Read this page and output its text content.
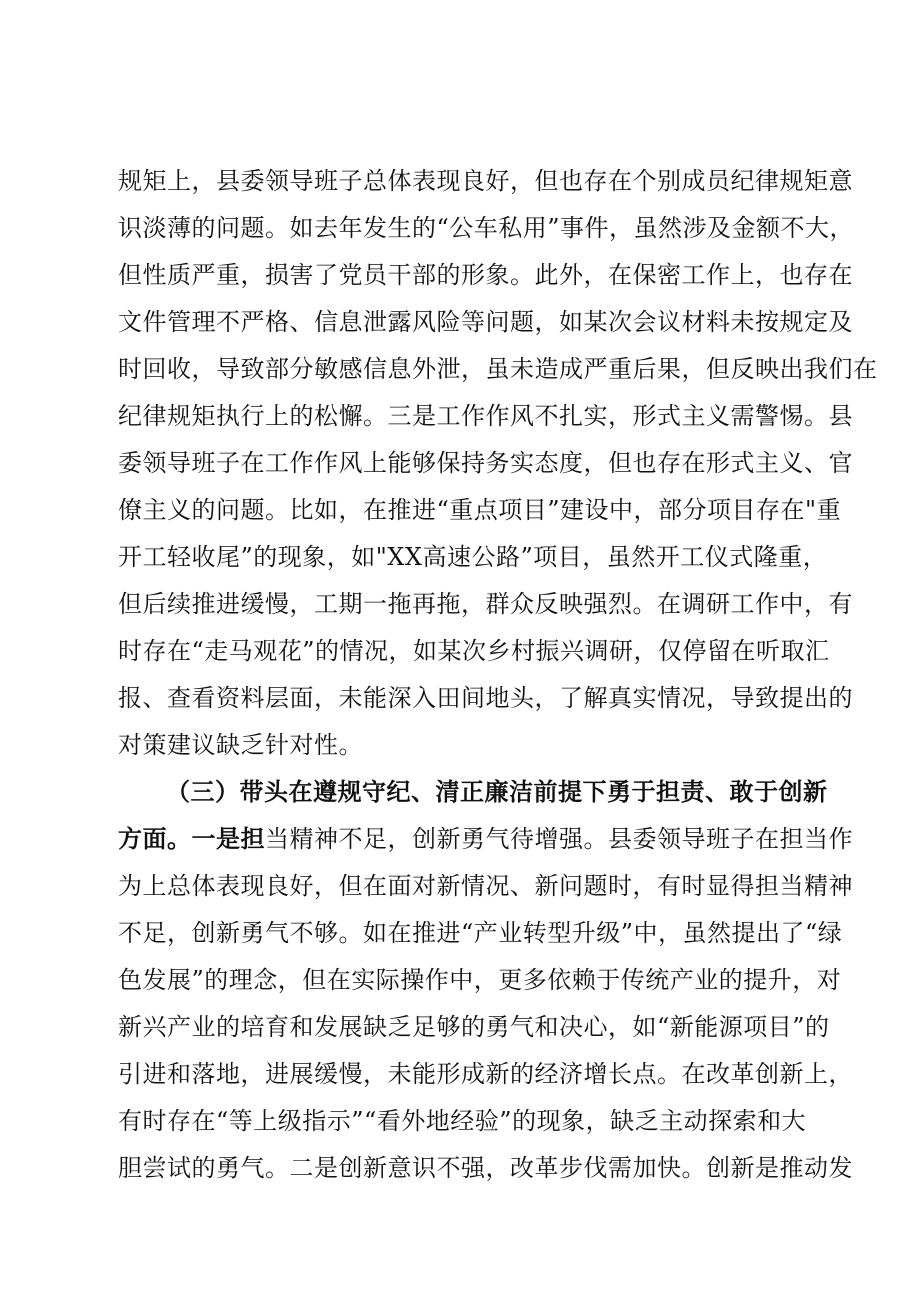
规矩上，县委领导班子总体表现良好，但也存在个别成员纪律规矩意
识淡薄的问题。如去年发生的“公车私用”事件，虽然涉及金额不大，
但性质严重，损害了党员干部的形象。此外，在保密工作上，也存在
文件管理不严格、信息泄露风险等问题，如某次会议材料未按规定及
时回收，导致部分敏感信息外泄，虽未造成严重后果，但反映出我们在
纪律规矩执行上的松懈。三是工作作风不扎实，形式主义需警惕。县
委领导班子在工作作风上能够保持务实态度，但也存在形式主义、官
僚主义的问题。比如，在推进“重点项目”建设中，部分项目存在"重
开工轻收尾”的现象，如"XX高速公路”项目，虽然开工仪式隆重，
但后续推进缓慢，工期一拖再拖，群众反映强烈。在调研工作中，有
时存在“走马观花”的情况，如某次乡村振兴调研，仅停留在听取汇
报、查看资料层面，未能深入田间地头，了解真实情况，导致提出的
对策建议缺乏针对性。
（三）带头在遵规守纪、清正廉洁前提下勇于担责、敢于创新
方面。一是担当精神不足，创新勇气待增强。县委领导班子在担当作
为上总体表现良好，但在面对新情况、新问题时，有时显得担当精神
不足，创新勇气不够。如在推进“产业转型升级”中，虽然提出了“绿
色发展”的理念，但在实际操作中，更多依赖于传统产业的提升，对
新兴产业的培育和发展缺乏足够的勇气和决心，如“新能源项目”的
引进和落地，进展缓慢，未能形成新的经济增长点。在改革创新上，
有时存在“等上级指示”“看外地经验”的现象，缺乏主动探索和大
胆尝试的勇气。二是创新意识不强，改革步伐需加快。创新是推动发
